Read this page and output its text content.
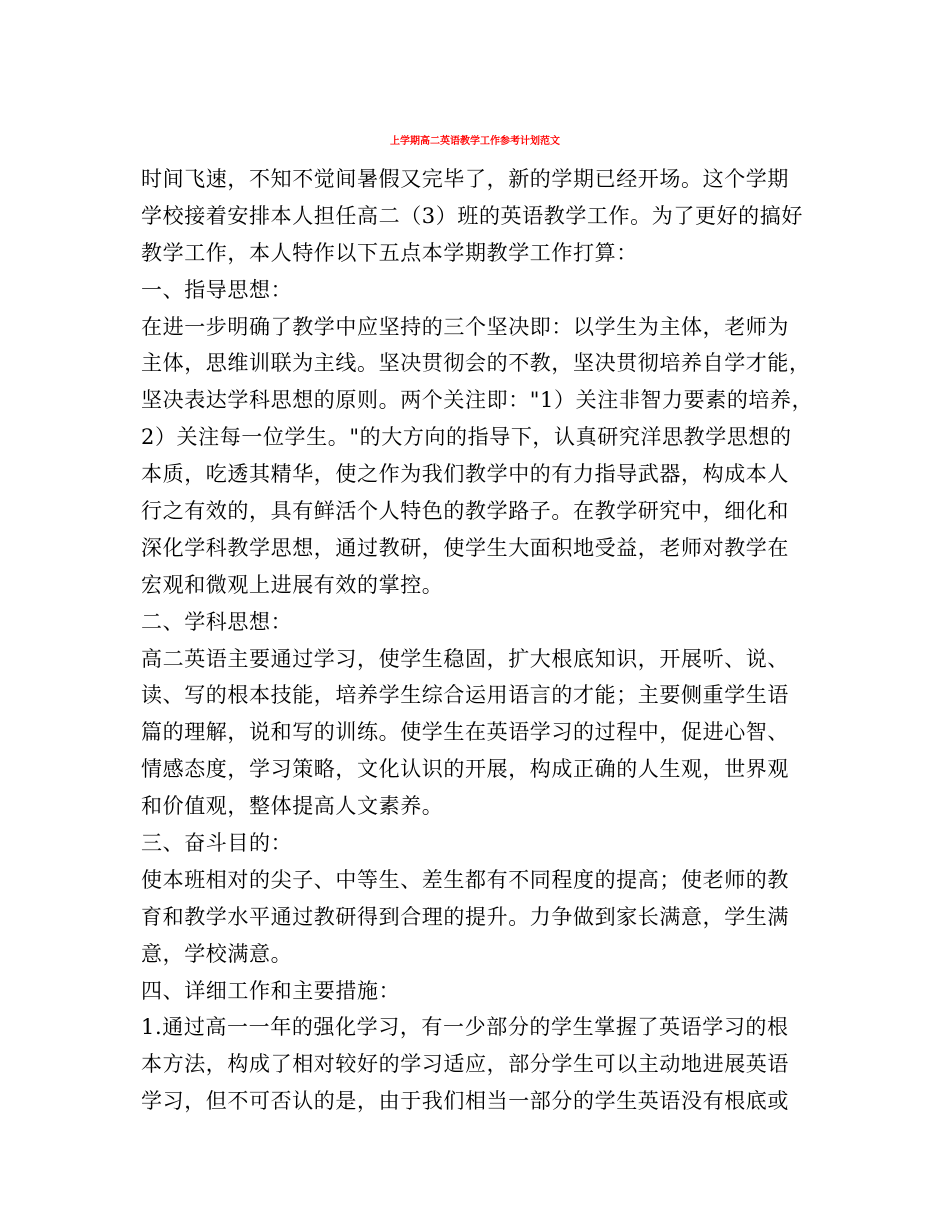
上学期高二英语教学工作参考计划范文
时间飞速，不知不觉间暑假又完毕了，新的学期已经开场。这个学期
学校接着安排本人担任高二（3）班的英语教学工作。为了更好的搞好
教学工作，本人特作以下五点本学期教学工作打算：
一、指导思想：
在进一步明确了教学中应坚持的三个坚决即：以学生为主体，老师为
主体，思维训联为主线。坚决贯彻会的不教，坚决贯彻培养自学才能，
坚决表达学科思想的原则。两个关注即："1）关注非智力要素的培养，
2）关注每一位学生。"的大方向的指导下，认真研究洋思教学思想的
本质，吃透其精华，使之作为我们教学中的有力指导武器，构成本人
行之有效的，具有鲜活个人特色的教学路子。在教学研究中，细化和
深化学科教学思想，通过教研，使学生大面积地受益，老师对教学在
宏观和微观上进展有效的掌控。
二、学科思想：
高二英语主要通过学习，使学生稳固，扩大根底知识，开展听、说、
读、写的根本技能，培养学生综合运用语言的才能；主要侧重学生语
篇的理解，说和写的训练。使学生在英语学习的过程中，促进心智、
情感态度，学习策略，文化认识的开展，构成正确的人生观，世界观
和价值观，整体提高人文素养。
三、奋斗目的：
使本班相对的尖子、中等生、差生都有不同程度的提高；使老师的教
育和教学水平通过教研得到合理的提升。力争做到家长满意，学生满
意，学校满意。
四、详细工作和主要措施：
1.通过高一一年的强化学习，有一少部分的学生掌握了英语学习的根
本方法，构成了相对较好的学习适应，部分学生可以主动地进展英语
学习，但不可否认的是，由于我们相当一部分的学生英语没有根底或
